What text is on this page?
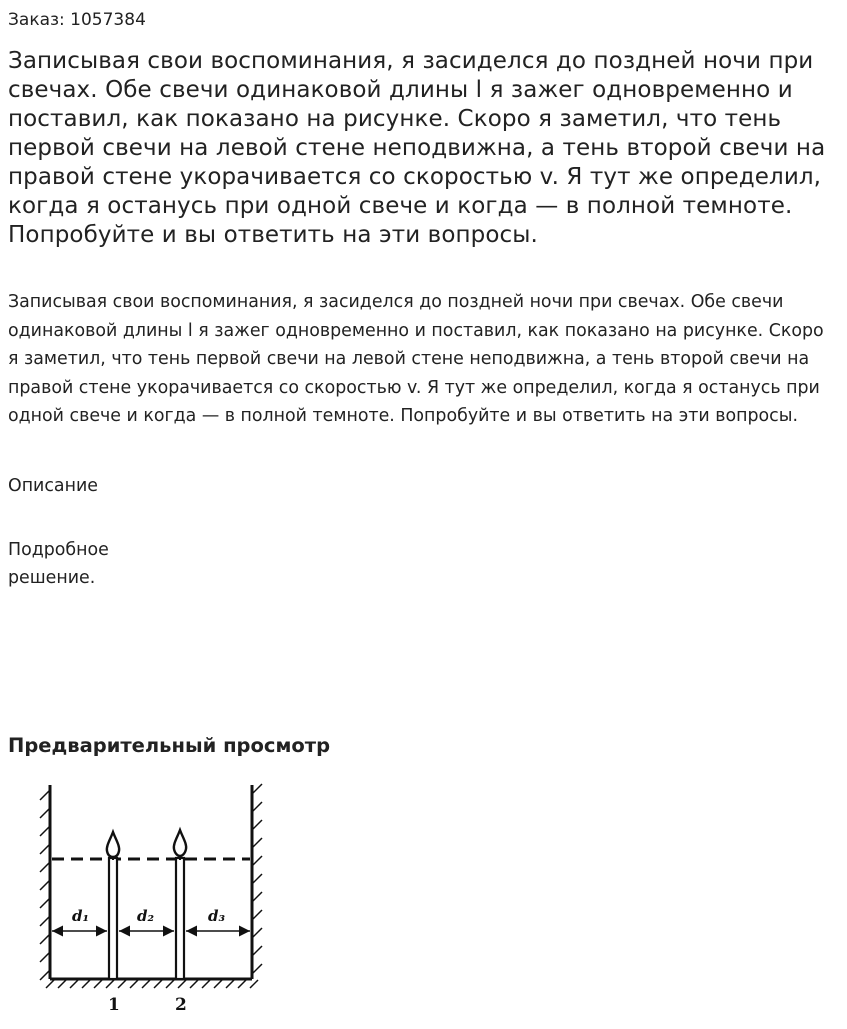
Заказ: 1057384
Записывая свои воспоминания, я засиделся до поздней ночи при свечах. Обе свечи одинаковой длины l я зажег одновременно и поставил, как показано на рисунке. Скоро я заметил, что тень первой свечи на левой стене неподвижна, а тень второй свечи на правой стене укорачивается со скоростью v. Я тут же определил, когда я останусь при одной свече и когда — в полной темноте. Попробуйте и вы ответить на эти вопросы.

Записывая свои воспоминания, я засиделся до поздней ночи при свечах. Обе свечи одинаковой длины l я зажег одновременно и поставил, как показано на рисунке. Скоро я заметил, что тень первой свечи на левой стене неподвижна, а тень второй свечи на правой стене укорачивается со скоростью v. Я тут же определил, когда я останусь при одной свече и когда — в полной темноте. Попробуйте и вы ответить на эти вопросы.

Описание
Подробное решение.
Предварительный просмотр
d₁	d₂	d₃
1	2
